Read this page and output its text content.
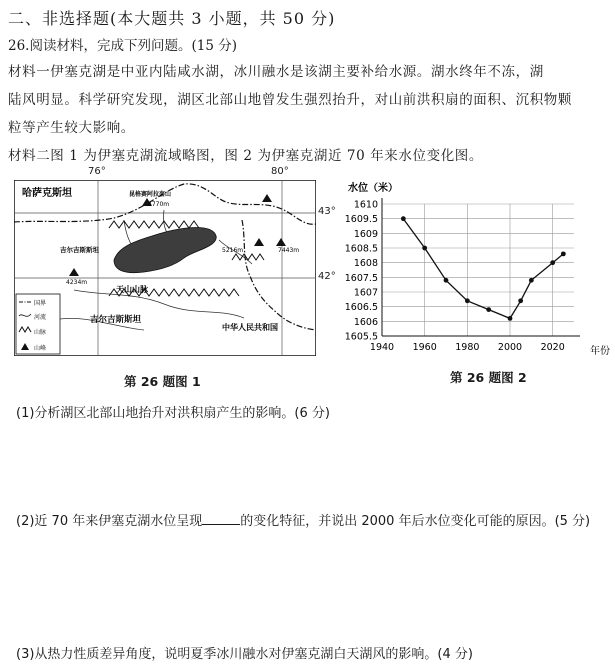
二、非选择题(本大题共 3 小题，共 50 分)
26.阅读材料，完成下列问题。(15 分)
材料一伊塞克湖是中亚内陆咸水湖，冰川融水是该湖主要补给水源。湖水终年不冻，湖
陆风明显。科学研究发现，湖区北部山地曾发生强烈抬升，对山前洪积扇的面积、沉积物颗
粒等产生较大影响。
材料二图 1 为伊塞克湖流域略图，图 2 为伊塞克湖近 70 年来水位变化图。
哈萨克斯坦	昆格赛阿拉套山
4770m
吉尔吉斯斯坦
4234m
5216m	7443m
天山山脉
吉尔吉斯斯坦
中华人民共和国
国界
河流
山脉
山峰
76°	80°
43°
42°
第 26 题图 1
水位（米）
1610
1609.5
1609
1608.5
1608
1607.5
1607
1606.5
1606
1605.5
1940 1960 1980 2000 2020	年份
第 26 题图 2
(1)分析湖区北部山地抬升对洪积扇产生的影响。(6 分)
(2)近 70 年来伊塞克湖水位呈现	的变化特征，并说出 2000 年后水位变化可能的原因。(5 分)
(3)从热力性质差异角度，说明夏季冰川融水对伊塞克湖白天湖风的影响。(4 分)
